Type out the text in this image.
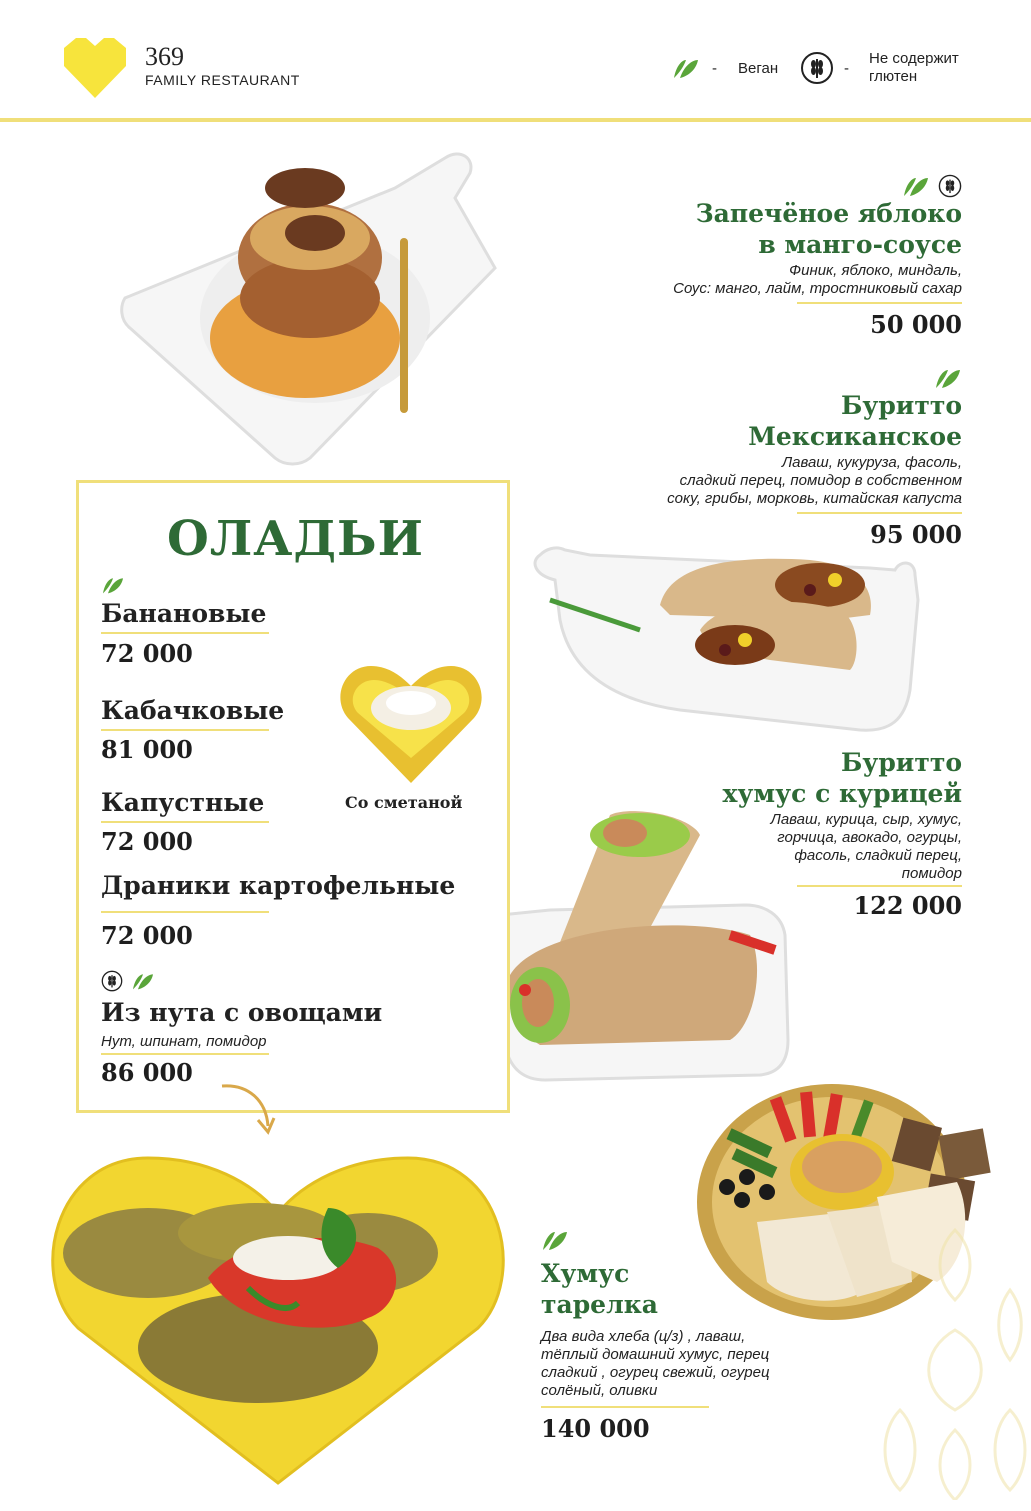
369
FAMILY RESTAURANT
- Веган	-
Не содержит
глютен
Запечёное яблоко
в манго-соусе
Финик, яблоко, миндаль,
Соус: манго, лайм, тростниковый сахар
50 000
Буритто
Мексиканское
Лаваш, кукуруза, фасоль,
сладкий перец, помидор в собственном
соку, грибы, морковь, китайская капуста
95 000
Буритто
хумус с курицей
Лаваш, курица, сыр, хумус,
горчица, авокадо, огурцы,
фасоль, сладкий перец,
помидор
122 000
ОЛАДЬИ
Банановые
72 000
Кабачковые
81 000
Капустные
72 000
Драники картофельные
72 000
Из нута с овощами
Нут, шпинат, помидор
86 000
Со сметаной
Хумус
тарелка
Два вида хлеба (ц/з) , лаваш,
тёплый домашний хумус, перец
сладкий , огурец свежий, огурец
солёный, оливки
140 000
